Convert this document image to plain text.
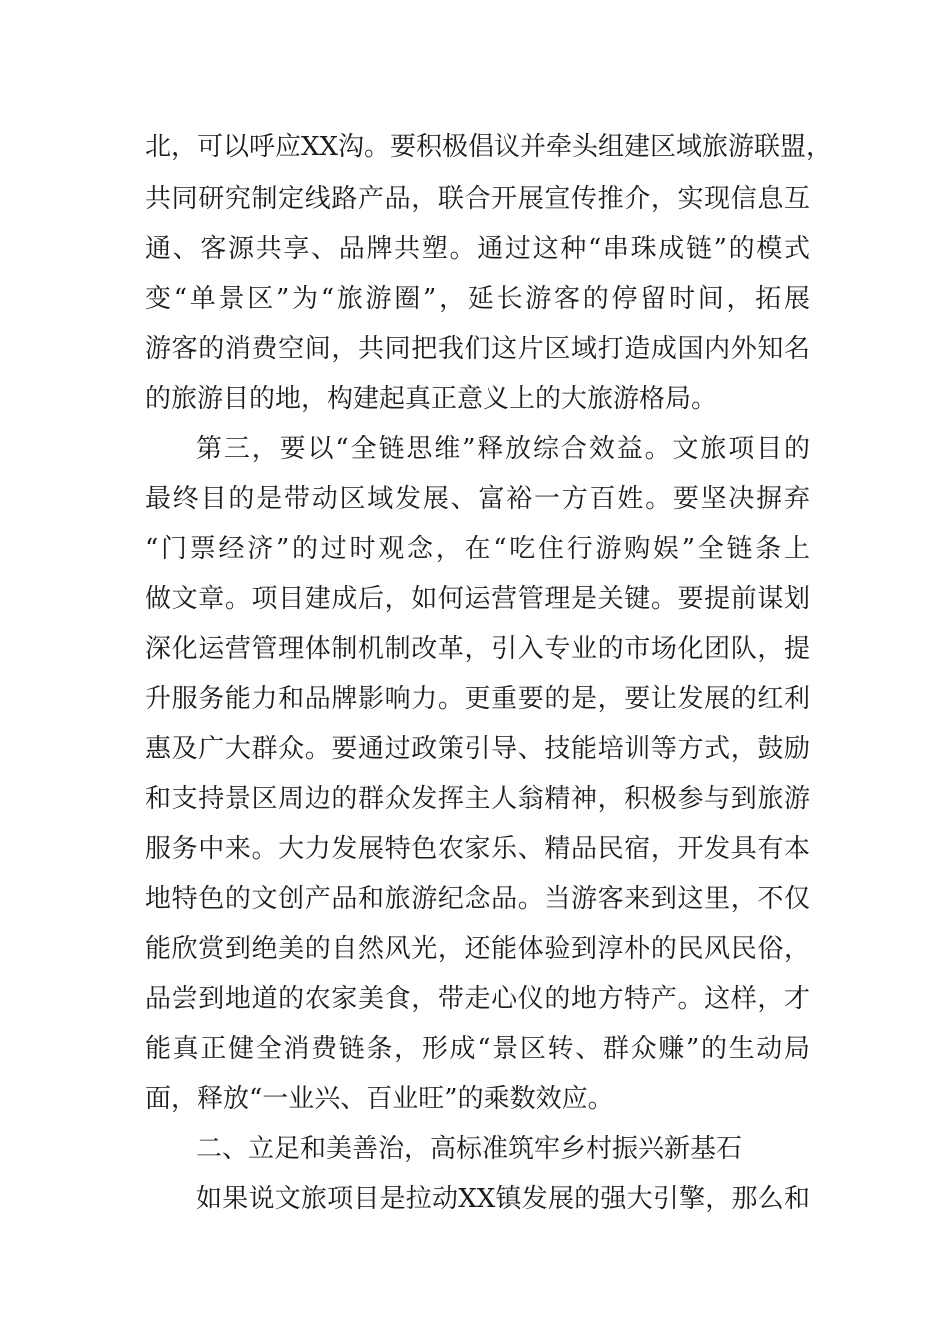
北，可以呼应XX沟。要积极倡议并牵头组建区域旅游联盟，
共同研究制定线路产品，联合开展宣传推介，实现信息互
通、客源共享、品牌共塑。通过这种“串珠成链”的模式
变“单景区”为“旅游圈”，延长游客的停留时间，拓展
游客的消费空间，共同把我们这片区域打造成国内外知名
的旅游目的地，构建起真正意义上的大旅游格局。
第三，要以“全链思维”释放综合效益。文旅项目的
最终目的是带动区域发展、富裕一方百姓。要坚决摒弃
“门票经济”的过时观念，在“吃住行游购娱”全链条上
做文章。项目建成后，如何运营管理是关键。要提前谋划
深化运营管理体制机制改革，引入专业的市场化团队，提
升服务能力和品牌影响力。更重要的是，要让发展的红利
惠及广大群众。要通过政策引导、技能培训等方式，鼓励
和支持景区周边的群众发挥主人翁精神，积极参与到旅游
服务中来。大力发展特色农家乐、精品民宿，开发具有本
地特色的文创产品和旅游纪念品。当游客来到这里，不仅
能欣赏到绝美的自然风光，还能体验到淳朴的民风民俗，
品尝到地道的农家美食，带走心仪的地方特产。这样，才
能真正健全消费链条，形成“景区转、群众赚”的生动局
面，释放“一业兴、百业旺”的乘数效应。
二、立足和美善治，高标准筑牢乡村振兴新基石
如果说文旅项目是拉动XX镇发展的强大引擎，那么和
